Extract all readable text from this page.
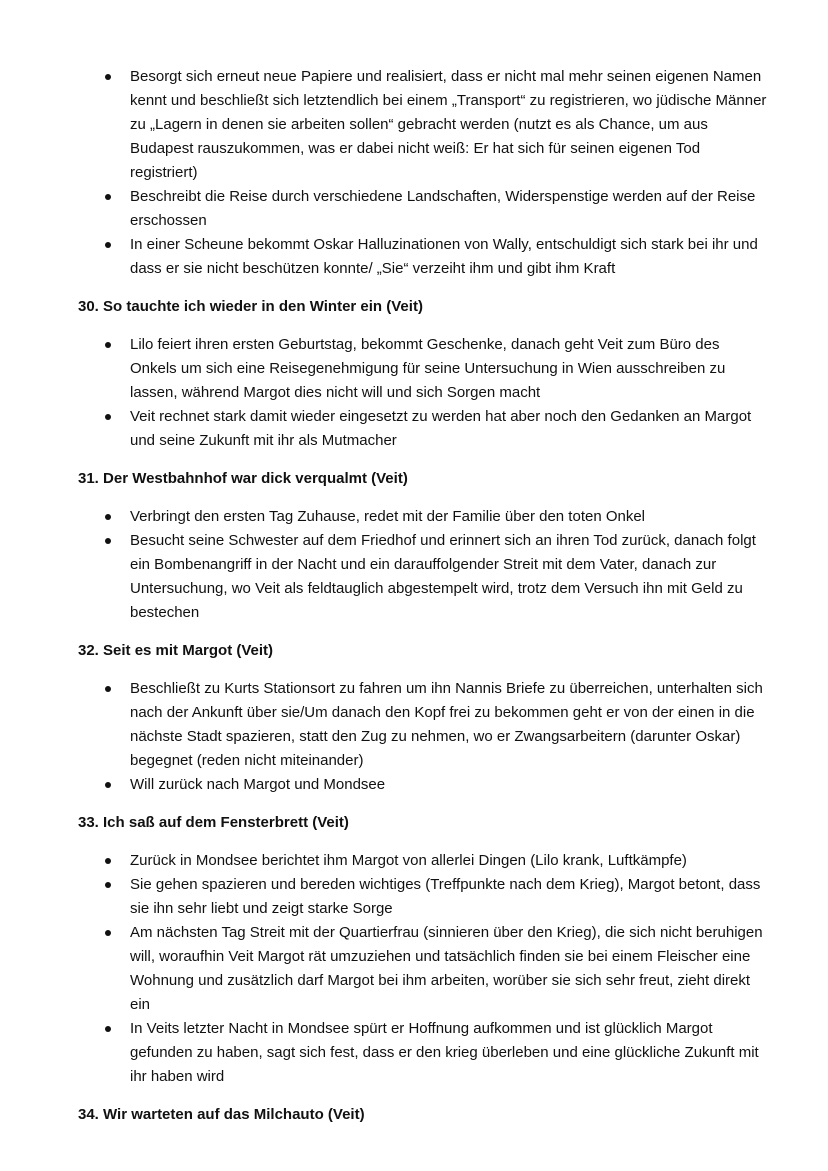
Besorgt sich erneut neue Papiere und realisiert, dass er nicht mal mehr seinen eigenen Namen kennt und beschließt sich letztendlich bei einem „Transport“ zu registrieren, wo jüdische Männer zu „Lagern in denen sie arbeiten sollen“ gebracht werden (nutzt es als Chance, um aus Budapest rauszukommen, was er dabei nicht weiß: Er hat sich für seinen eigenen Tod registriert)
Beschreibt die Reise durch verschiedene Landschaften, Widerspenstige werden auf der Reise erschossen
In einer Scheune bekommt Oskar Halluzinationen von Wally, entschuldigt sich stark bei ihr und dass er sie nicht beschützen konnte/ „Sie“ verzeiht ihm und gibt ihm Kraft
30. So tauchte ich wieder in den Winter ein (Veit)
Lilo feiert ihren ersten Geburtstag, bekommt Geschenke, danach geht Veit zum Büro des Onkels um sich eine Reisegenehmigung für seine Untersuchung in Wien ausschreiben zu lassen, während Margot dies nicht will und sich Sorgen macht
Veit rechnet stark damit wieder eingesetzt zu werden hat aber noch den Gedanken an Margot und seine Zukunft mit ihr als Mutmacher
31. Der Westbahnhof war dick verqualmt (Veit)
Verbringt den ersten Tag Zuhause, redet mit der Familie über den toten Onkel
Besucht seine Schwester auf dem Friedhof und erinnert sich an ihren Tod zurück, danach folgt ein Bombenangriff in der Nacht und ein darauffolgender Streit mit dem Vater, danach zur Untersuchung, wo Veit als feldtauglich abgestempelt wird, trotz dem Versuch ihn mit Geld zu bestechen
32. Seit es mit Margot (Veit)
Beschließt zu Kurts Stationsort zu fahren um ihn Nannis Briefe zu überreichen, unterhalten sich nach der Ankunft über sie/Um danach den Kopf frei zu bekommen geht er von der einen in die nächste Stadt spazieren, statt den Zug zu nehmen, wo er Zwangsarbeitern (darunter Oskar) begegnet (reden nicht miteinander)
Will zurück nach Margot und Mondsee
33. Ich saß auf dem Fensterbrett (Veit)
Zurück in Mondsee berichtet ihm Margot von allerlei Dingen (Lilo krank, Luftkämpfe)
Sie gehen spazieren und bereden wichtiges (Treffpunkte nach dem Krieg), Margot betont, dass sie ihn sehr liebt und zeigt starke Sorge
Am nächsten Tag Streit mit der Quartierfrau (sinnieren über den Krieg), die sich nicht beruhigen will, woraufhin Veit Margot rät umzuziehen und tatsächlich finden sie bei einem Fleischer eine Wohnung und zusätzlich darf Margot bei ihm arbeiten, worüber sie sich sehr freut, zieht direkt ein
In Veits letzter Nacht in Mondsee spürt er Hoffnung aufkommen und ist glücklich Margot gefunden zu haben, sagt sich fest, dass er den krieg überleben und eine glückliche Zukunft mit ihr haben wird
34. Wir warteten auf das Milchauto (Veit)
